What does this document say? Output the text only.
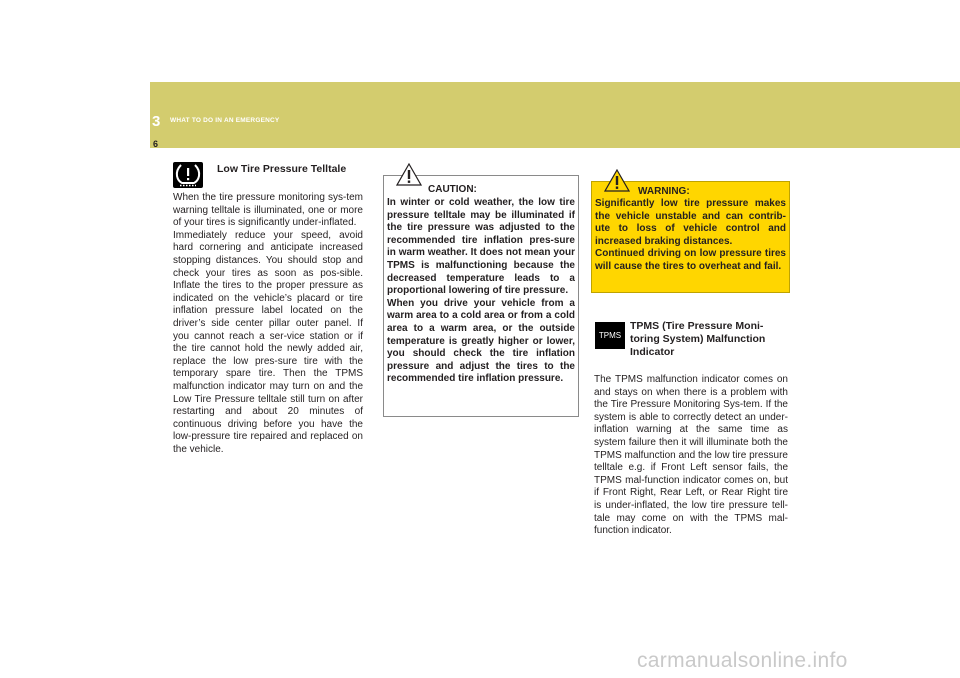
3 WHAT TO DO IN AN EMERGENCY
6
Low Tire Pressure Telltale

When the tire pressure monitoring sys-tem warning telltale is illuminated, one or more of your tires is significantly under-inflated.
Immediately reduce your speed, avoid hard cornering and anticipate increased stopping distances. You should stop and check your tires as soon as pos-sible. Inflate the tires to the proper pressure as indicated on the vehicle’s placard or tire inflation pressure label located on the driver’s side center pillar outer panel. If you cannot reach a ser-vice station or if the tire cannot hold the newly added air, replace the low pres-sure tire with the temporary spare tire. Then the TPMS malfunction indicator may turn on and the Low Tire Pressure telltale still turn on after restarting and about 20 minutes of continuous driving before you have the low-pressure tire repaired and replaced on the vehicle.

CAUTION:

In winter or cold weather, the low tire pressure telltale may be illuminated if the tire pressure was adjusted to the recommended tire inflation pres-sure in warm weather. It does not mean your TPMS is malfunctioning because the decreased temperature leads to a proportional lowering of tire pressure.
When you drive your vehicle from a warm area to a cold area or from a cold area to a warm area, or the outside temperature is greatly higher or lower, you should check the tire inflation pressure and adjust the tires to the recommended tire inflation pressure.

WARNING:

Significantly low tire pressure makes the vehicle unstable and can contrib-ute to loss of vehicle control and increased braking distances.
Continued driving on low pressure tires will cause the tires to overheat and fail.

TPMS

TPMS (Tire Pressure Moni-toring System) Malfunction Indicator

The TPMS malfunction indicator comes on and stays on when there is a problem with the Tire Pressure Monitoring Sys-tem. If the system is able to correctly detect an under-inflation warning at the same time as system failure then it will illuminate both the TPMS malfunction and the low tire pressure telltale e.g. if Front Left sensor fails, the TPMS mal-function indicator comes on, but if Front Right, Rear Left, or Rear Right tire is under-inflated, the low tire pressure tell-tale may come on with the TPMS mal-function indicator.

carmanualsonline.info
